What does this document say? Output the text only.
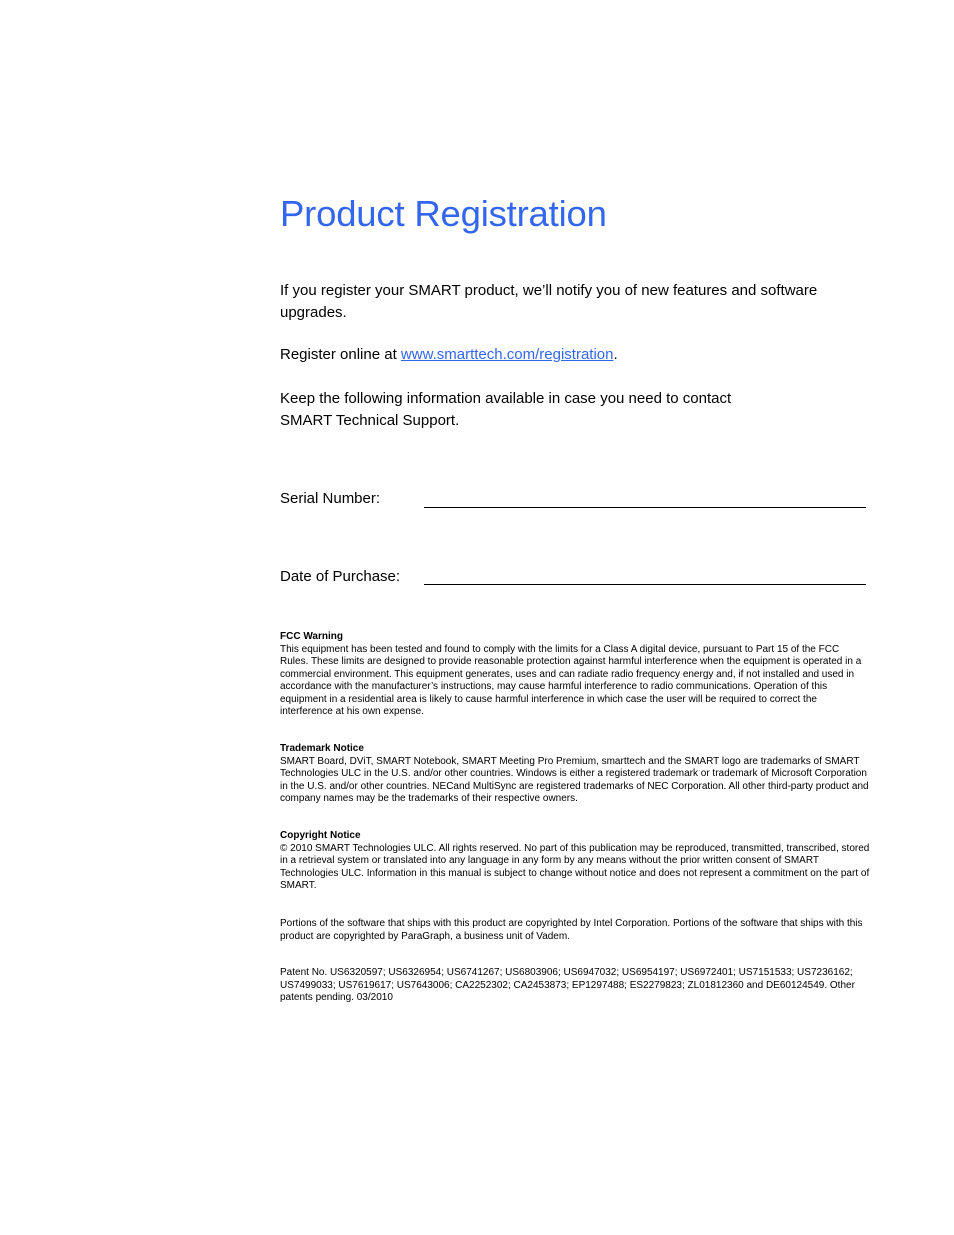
Product Registration

If you register your SMART product, we’ll notify you of new features and software upgrades.

Register online at www.smarttech.com/registration.

Keep the following information available in case you need to contact
SMART Technical Support.

Serial Number:

Date of Purchase:

FCC Warning
This equipment has been tested and found to comply with the limits for a Class A digital device, pursuant to Part 15 of the FCC Rules. These limits are designed to provide reasonable protection against harmful interference when the equipment is operated in a commercial environment. This equipment generates, uses and can radiate radio frequency energy and, if not installed and used in accordance with the manufacturer’s instructions, may cause harmful interference to radio communications. Operation of this equipment in a residential area is likely to cause harmful interference in which case the user will be required to correct the interference at his own expense.

Trademark Notice
SMART Board, DViT, SMART Notebook, SMART Meeting Pro Premium, smarttech and the SMART logo are trademarks of SMART Technologies ULC in the U.S. and/or other countries. Windows is either a registered trademark or trademark of Microsoft Corporation in the U.S. and/or other countries. NECand MultiSync are registered trademarks of NEC Corporation. All other third-party product and company names may be the trademarks of their respective owners.

Copyright Notice
© 2010 SMART Technologies ULC. All rights reserved. No part of this publication may be reproduced, transmitted, transcribed, stored in a retrieval system or translated into any language in any form by any means without the prior written consent of SMART Technologies ULC. Information in this manual is subject to change without notice and does not represent a commitment on the part of SMART.

Portions of the software that ships with this product are copyrighted by Intel Corporation. Portions of the software that ships with this product are copyrighted by ParaGraph, a business unit of Vadem.

Patent No. US6320597; US6326954; US6741267; US6803906; US6947032; US6954197; US6972401; US7151533; US7236162; US7499033; US7619617; US7643006; CA2252302; CA2453873; EP1297488; ES2279823; ZL01812360 and DE60124549. Other patents pending. 03/2010
